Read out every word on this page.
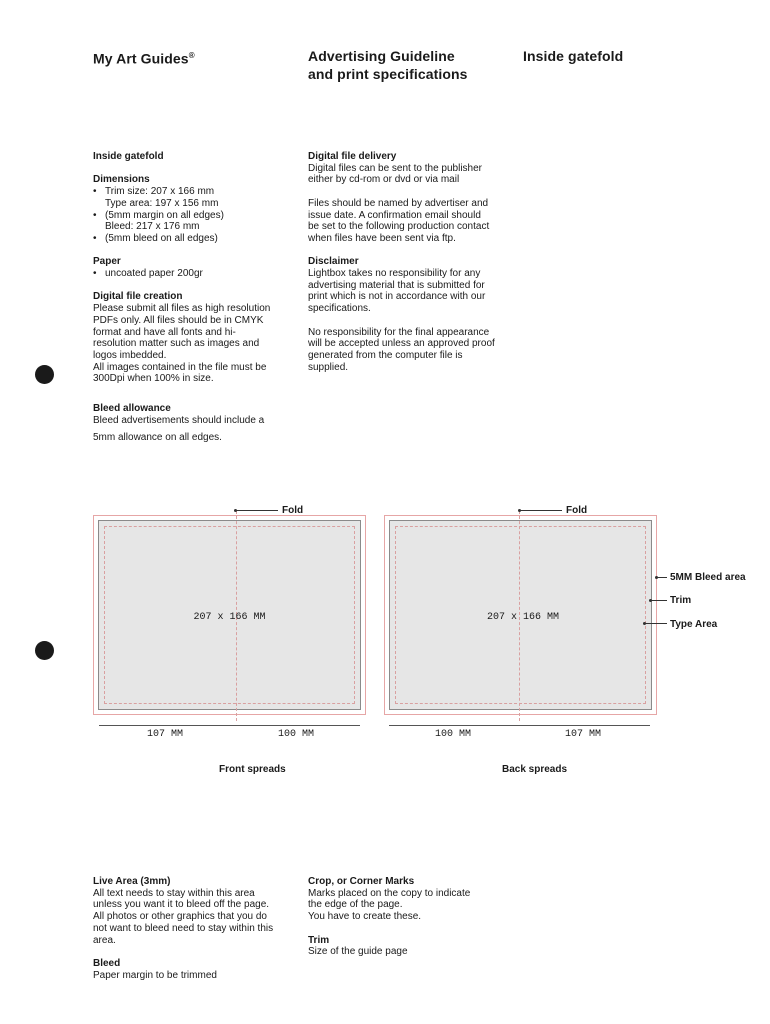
My Art Guides®	Advertising Guideline
and print specifications
Inside gatefold
Inside gatefold
Dimensions
• Trim size: 207 x 166 mm
Type area: 197 x 156 mm
• (5mm margin on all edges)
Bleed: 217 x 176 mm
• (5mm bleed on all edges)
Paper
• uncoated paper 200gr
Digital file creation
Please submit all files as high resolution
PDFs only. All files should be in CMYK
format and have all fonts and hi-
resolution matter such as images and
logos imbedded.
All images contained in the file must be
300Dpi when 100% in size.
Bleed allowance
Bleed advertisements should include a
5mm allowance on all edges.
Digital file delivery
Digital files can be sent to the publisher
either by cd-rom or dvd or via mail
Files should be named by advertiser and
issue date. A confirmation email should
be set to the following production contact
when files have been sent via ftp.
Disclaimer
Lightbox takes no responsibility for any
advertising material that is submitted for
print which is not in accordance with our
specifications.
No responsibility for the final appearance
will be accepted unless an approved proof
generated from the computer file is
supplied.
207 x 166 MM
Fold
107 MM	100 MM
Front spreads
207 x 166 MM
Fold
100 MM	107 MM
Back spreads
5MM Bleed area
Trim
Type Area
Live Area (3mm)
All text needs to stay within this area
unless you want it to bleed off the page.
All photos or other graphics that you do
not want to bleed need to stay within this
area.
Bleed
Paper margin to be trimmed
Crop, or Corner Marks
Marks placed on the copy to indicate
the edge of the page.
You have to create these.
Trim
Size of the guide page
